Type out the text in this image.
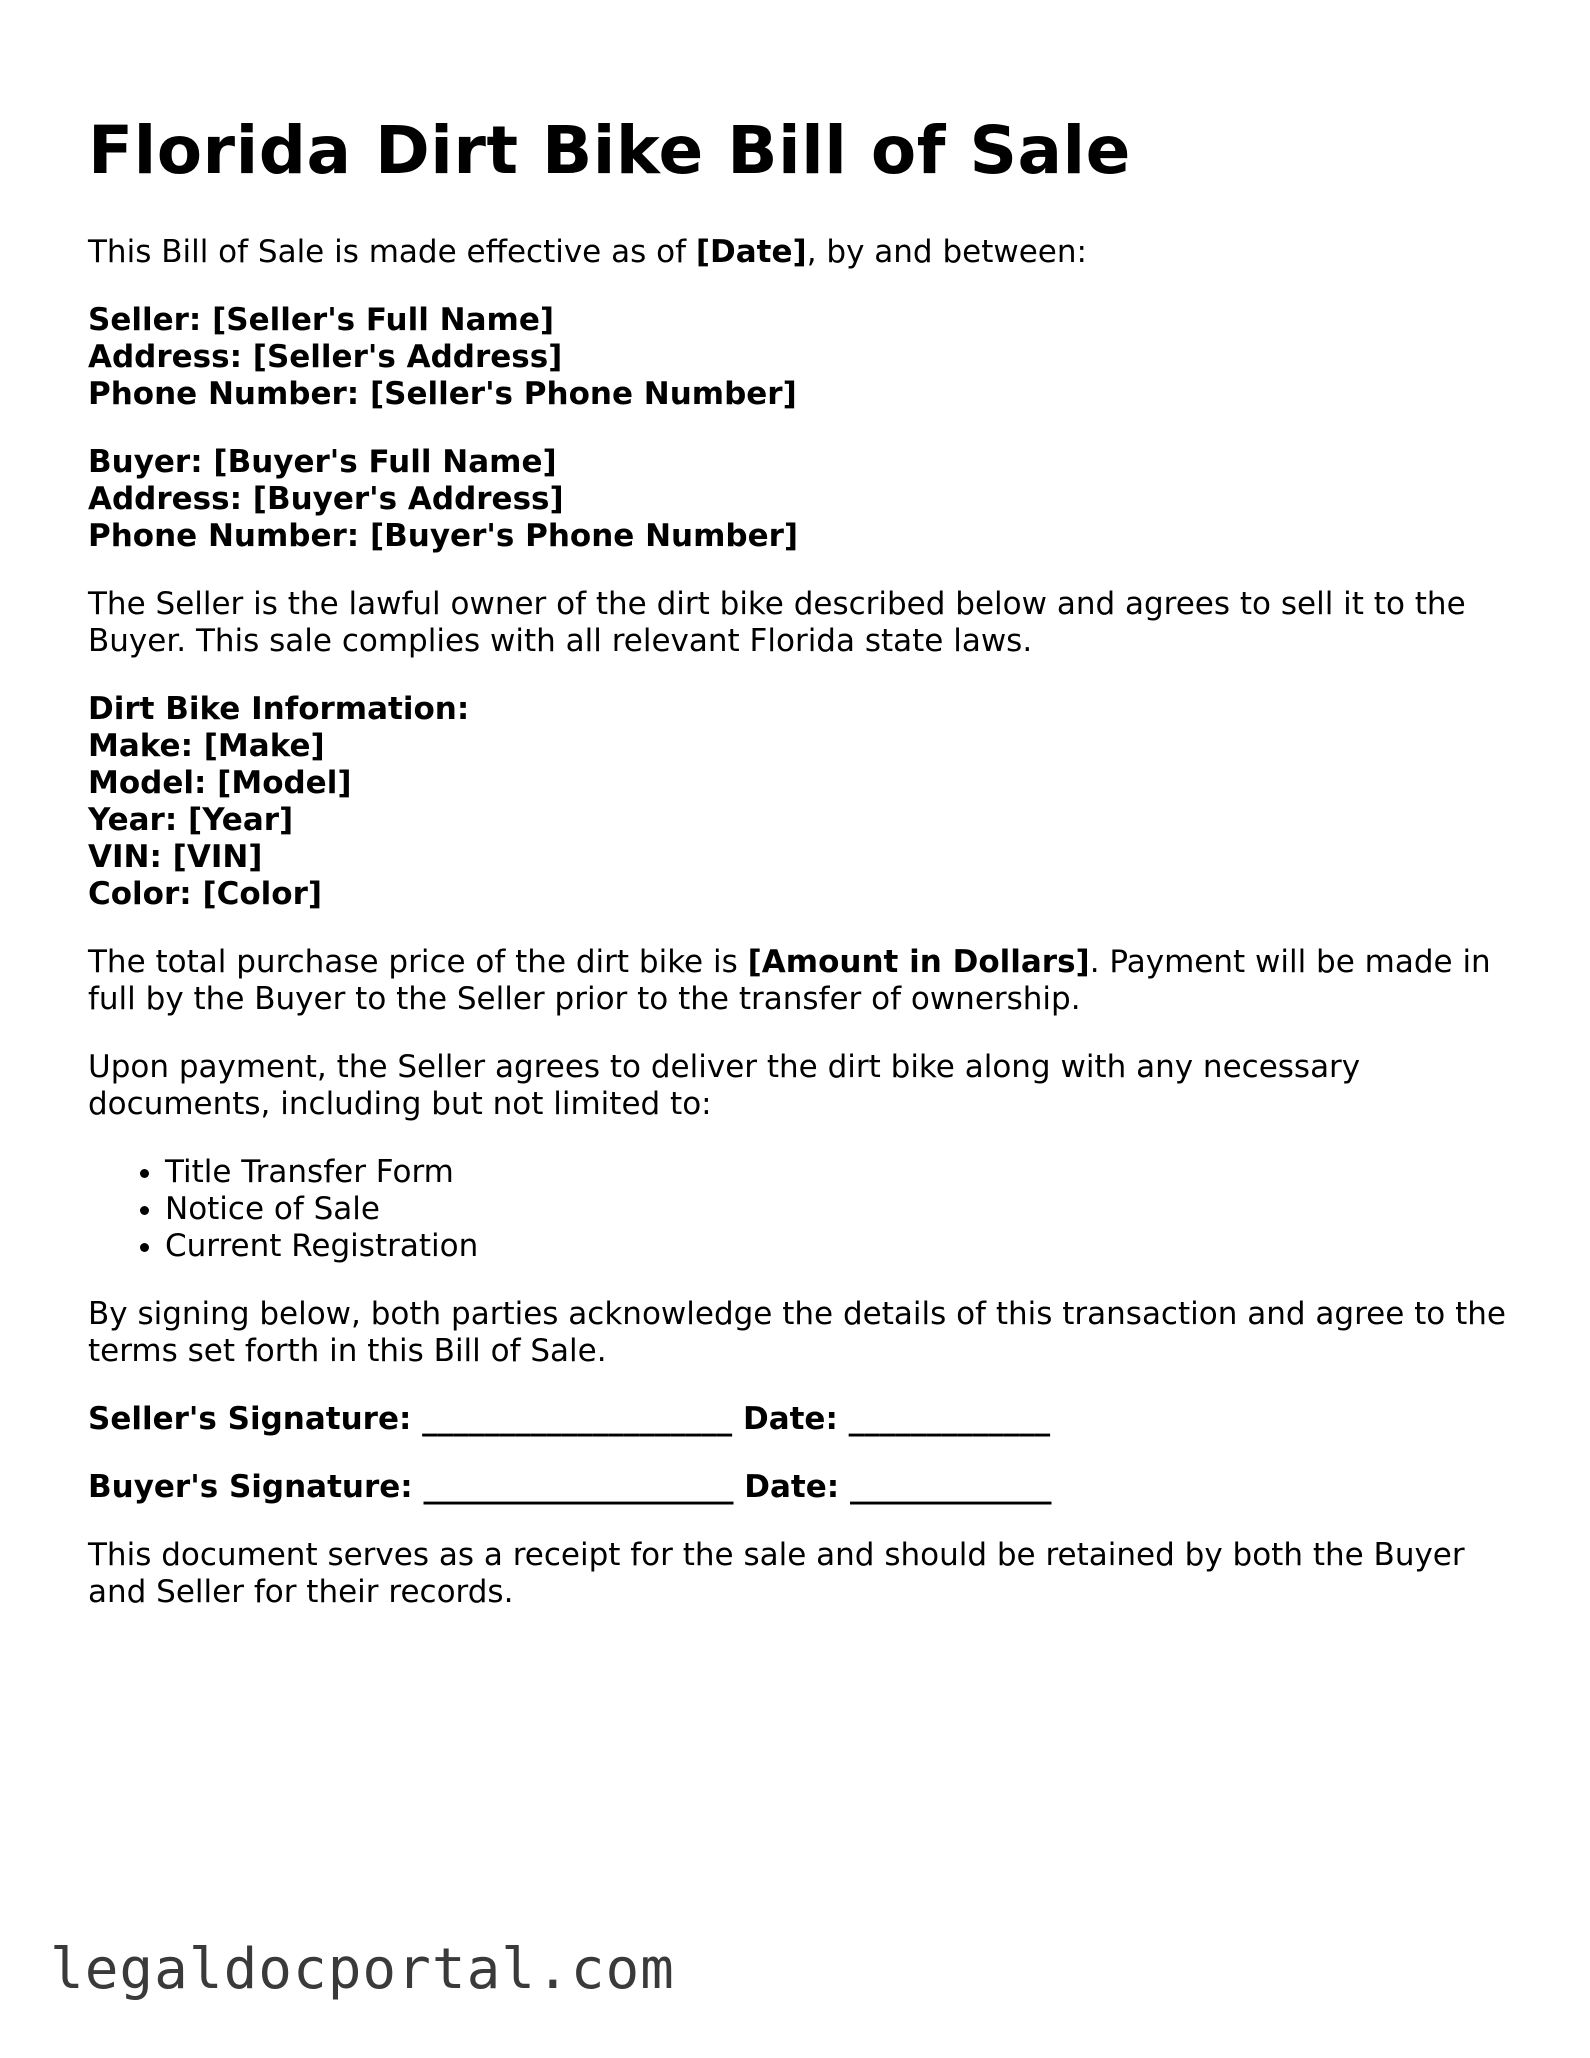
Florida Dirt Bike Bill of Sale

This Bill of Sale is made effective as of [Date], by and between:

Seller: [Seller's Full Name]
Address: [Seller's Address]
Phone Number: [Seller's Phone Number]
Buyer: [Buyer's Full Name]
Address: [Buyer's Address]
Phone Number: [Buyer's Phone Number]

The Seller is the lawful owner of the dirt bike described below and agrees to sell it to the Buyer. This sale complies with all relevant Florida state laws.

Dirt Bike Information:
Make: [Make]
Model: [Model]
Year: [Year]
VIN: [VIN]
Color: [Color]

The total purchase price of the dirt bike is [Amount in Dollars]. Payment will be made in full by the Buyer to the Seller prior to the transfer of ownership.

Upon payment, the Seller agrees to deliver the dirt bike along with any necessary documents, including but not limited to:

• Title Transfer Form
• Notice of Sale
• Current Registration

By signing below, both parties acknowledge the details of this transaction and agree to the terms set forth in this Bill of Sale.

Seller's Signature: ____________________ Date: _____________
Buyer's Signature: ____________________ Date: _____________

This document serves as a receipt for the sale and should be retained by both the Buyer and Seller for their records.

legaldocportal.com
